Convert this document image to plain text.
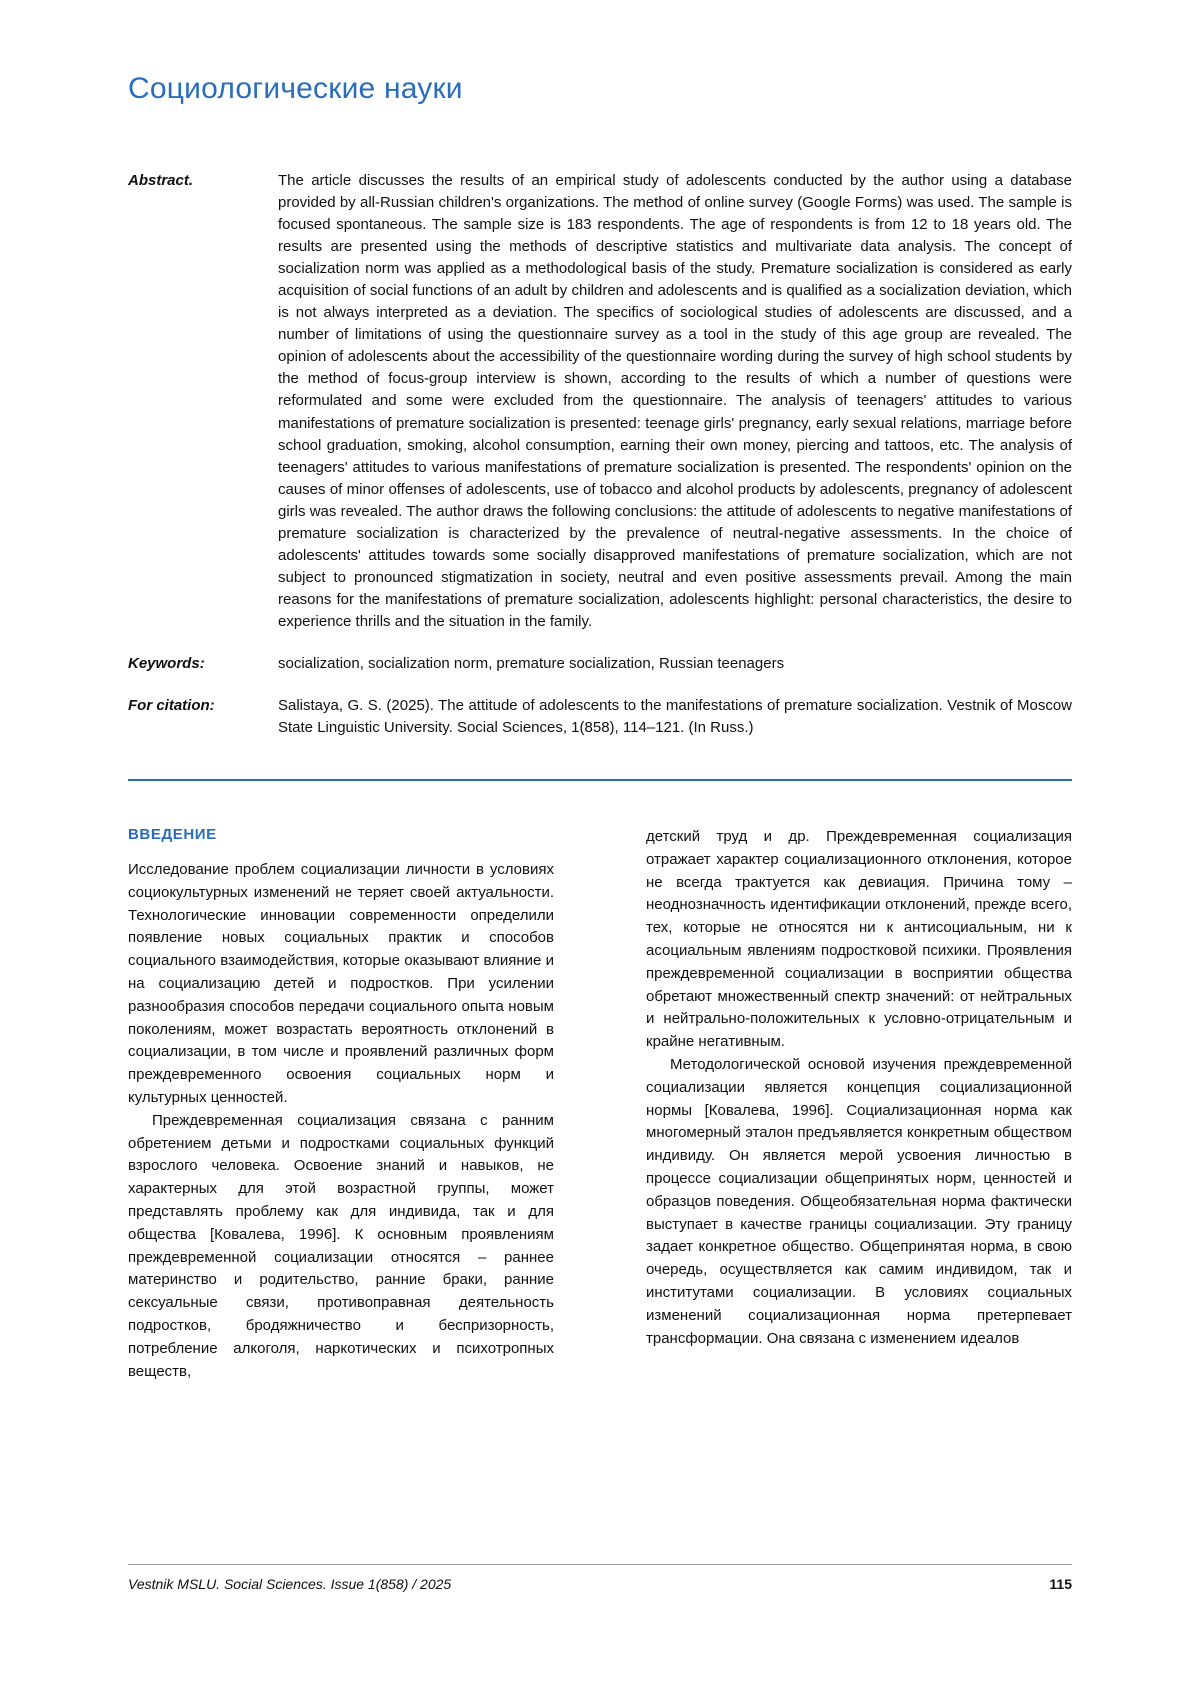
Социологические науки
Abstract.	The article discusses the results of an empirical study of adolescents conducted by the author using a database provided by all-Russian children's organizations. The method of online survey (Google Forms) was used. The sample is focused spontaneous. The sample size is 183 respondents. The age of respondents is from 12 to 18 years old. The results are presented using the methods of descriptive statistics and multivariate data analysis. The concept of socialization norm was applied as a methodological basis of the study. Premature socialization is considered as early acquisition of social functions of an adult by children and adolescents and is qualified as a socialization deviation, which is not always interpreted as a deviation. The specifics of sociological studies of adolescents are discussed, and a number of limitations of using the questionnaire survey as a tool in the study of this age group are revealed. The opinion of adolescents about the accessibility of the questionnaire wording during the survey of high school students by the method of focus-group interview is shown, according to the results of which a number of questions were reformulated and some were excluded from the questionnaire. The analysis of teenagers' attitudes to various manifestations of premature socialization is presented: teenage girls' pregnancy, early sexual relations, marriage before school graduation, smoking, alcohol consumption, earning their own money, piercing and tattoos, etc. The analysis of teenagers' attitudes to various manifestations of premature socialization is presented. The respondents' opinion on the causes of minor offenses of adolescents, use of tobacco and alcohol products by adolescents, pregnancy of adolescent girls was revealed. The author draws the following conclusions: the attitude of adolescents to negative manifestations of premature socialization is characterized by the prevalence of neutral-negative assessments. In the choice of adolescents' attitudes towards some socially disapproved manifestations of premature socialization, which are not subject to pronounced stigmatization in society, neutral and even positive assessments prevail. Among the main reasons for the manifestations of premature socialization, adolescents highlight: personal characteristics, the desire to experience thrills and the situation in the family.
Keywords:	socialization, socialization norm, premature socialization, Russian teenagers
For citation:	Salistaya, G. S. (2025). The attitude of adolescents to the manifestations of premature socialization. Vestnik of Moscow State Linguistic University. Social Sciences, 1(858), 114–121. (In Russ.)
ВВЕДЕНИЕ

Исследование проблем социализации личности в условиях социокультурных изменений не теряет своей актуальности. Технологические инновации современности определили появление новых социальных практик и способов социального взаимодействия, которые оказывают влияние и на социализацию детей и подростков. При усилении разнообразия способов передачи социального опыта новым поколениям, может возрастать вероятность отклонений в социализации, в том числе и проявлений различных форм преждевременного освоения социальных норм и культурных ценностей.

Преждевременная социализация связана с ранним обретением детьми и подростками социальных функций взрослого человека. Освоение знаний и навыков, не характерных для этой возрастной группы, может представлять проблему как для индивида, так и для общества [Ковалева, 1996]. К основным проявлениям преждевременной социализации относятся – раннее материнство и родительство, ранние браки, ранние сексуальные связи, противоправная деятельность подростков, бродяжничество и беспризорность, потребление алкоголя, наркотических и психотропных веществ,

детский труд и др. Преждевременная социализация отражает характер социализационного отклонения, которое не всегда трактуется как девиация. Причина тому – неоднозначность идентификации отклонений, прежде всего, тех, которые не относятся ни к антисоциальным, ни к асоциальным явлениям подростковой психики. Проявления преждевременной социализации в восприятии общества обретают множественный спектр значений: от нейтральных и нейтрально-положительных к условно-отрицательным и крайне негативным.

Методологической основой изучения преждевременной социализации является концепция социализационной нормы [Ковалева, 1996]. Социализационная норма как многомерный эталон предъявляется конкретным обществом индивиду. Он является мерой усвоения личностью в процессе социализации общепринятых норм, ценностей и образцов поведения. Общеобязательная норма фактически выступает в качестве границы социализации. Эту границу задает конкретное общество. Общепринятая норма, в свою очередь, осуществляется как самим индивидом, так и институтами социализации. В условиях социальных изменений социализационная норма претерпевает трансформации. Она связана с изменением идеалов

Vestnik MSLU. Social Sciences. Issue 1(858) / 2025	115
